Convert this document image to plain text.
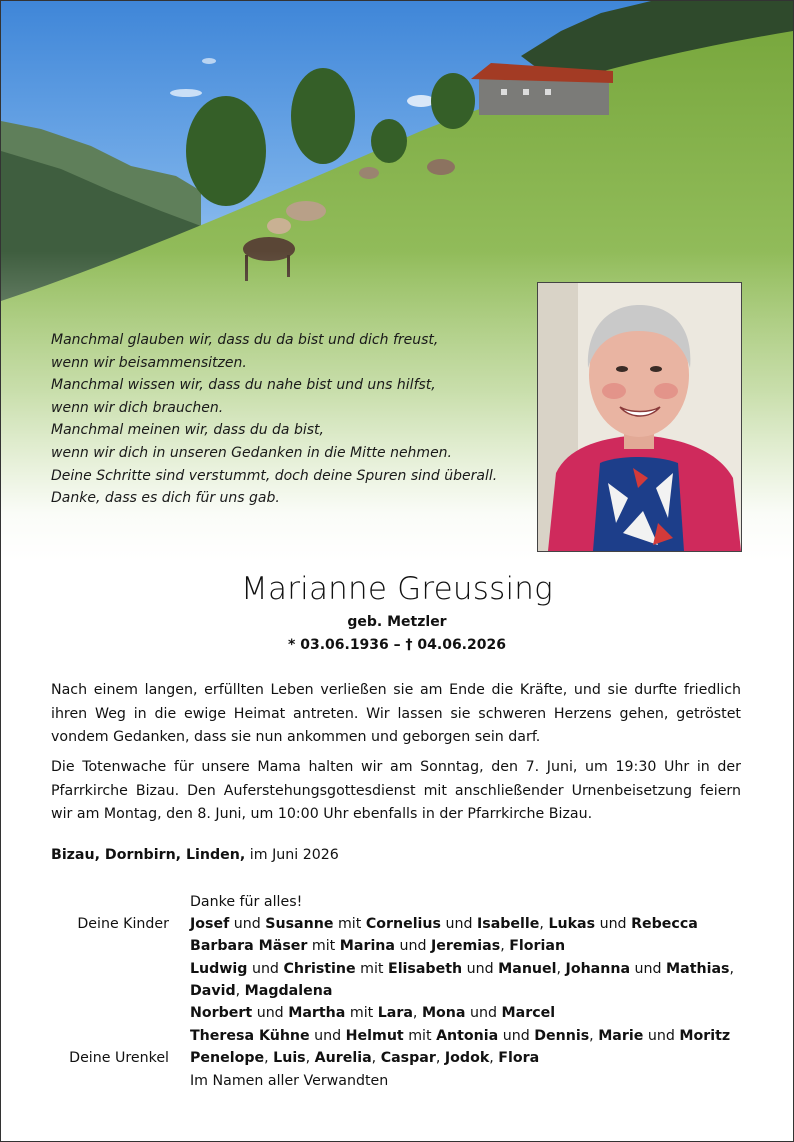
Manchmal glauben wir, dass du da bist und dich freust,
wenn wir beisammensitzen.
Manchmal wissen wir, dass du nahe bist und uns hilfst,
wenn wir dich brauchen.
Manchmal meinen wir, dass du da bist,
wenn wir dich in unseren Gedanken in die Mitte nehmen.
Deine Schritte sind verstummt, doch deine Spuren sind überall.
Danke, dass es dich für uns gab.
Marianne Greussing
geb. Metzler
* 03.06.1936 – † 04.06.2026
Nach einem langen, erfüllten Leben verließen sie am Ende die Kräfte, und sie durfte friedlich ihren Weg in die ewige Heimat antreten. Wir lassen sie schweren Herzens gehen, getröstet vondem Gedanken, dass sie nun ankommen und geborgen sein darf.
Die Totenwache für unsere Mama halten wir am Sonntag, den 7. Juni, um 19:30 Uhr in der Pfarrkirche Bizau. Den Auferstehungsgottesdienst mit anschließender Urnenbeisetzung feiern wir am Montag, den 8. Juni, um 10:00 Uhr ebenfalls in der Pfarrkirche Bizau.
Bizau, Dornbirn, Linden, im Juni 2026
Danke für alles!
Deine Kinder Josef und Susanne mit Cornelius und Isabelle, Lukas und Rebecca
Barbara Mäser mit Marina und Jeremias, Florian
Ludwig und Christine mit Elisabeth und Manuel, Johanna und Mathias,
David, Magdalena
Norbert und Martha mit Lara, Mona und Marcel
Theresa Kühne und Helmut mit Antonia und Dennis, Marie und Moritz
Deine Urenkel Penelope, Luis, Aurelia, Caspar, Jodok, Flora
Im Namen aller Verwandten
